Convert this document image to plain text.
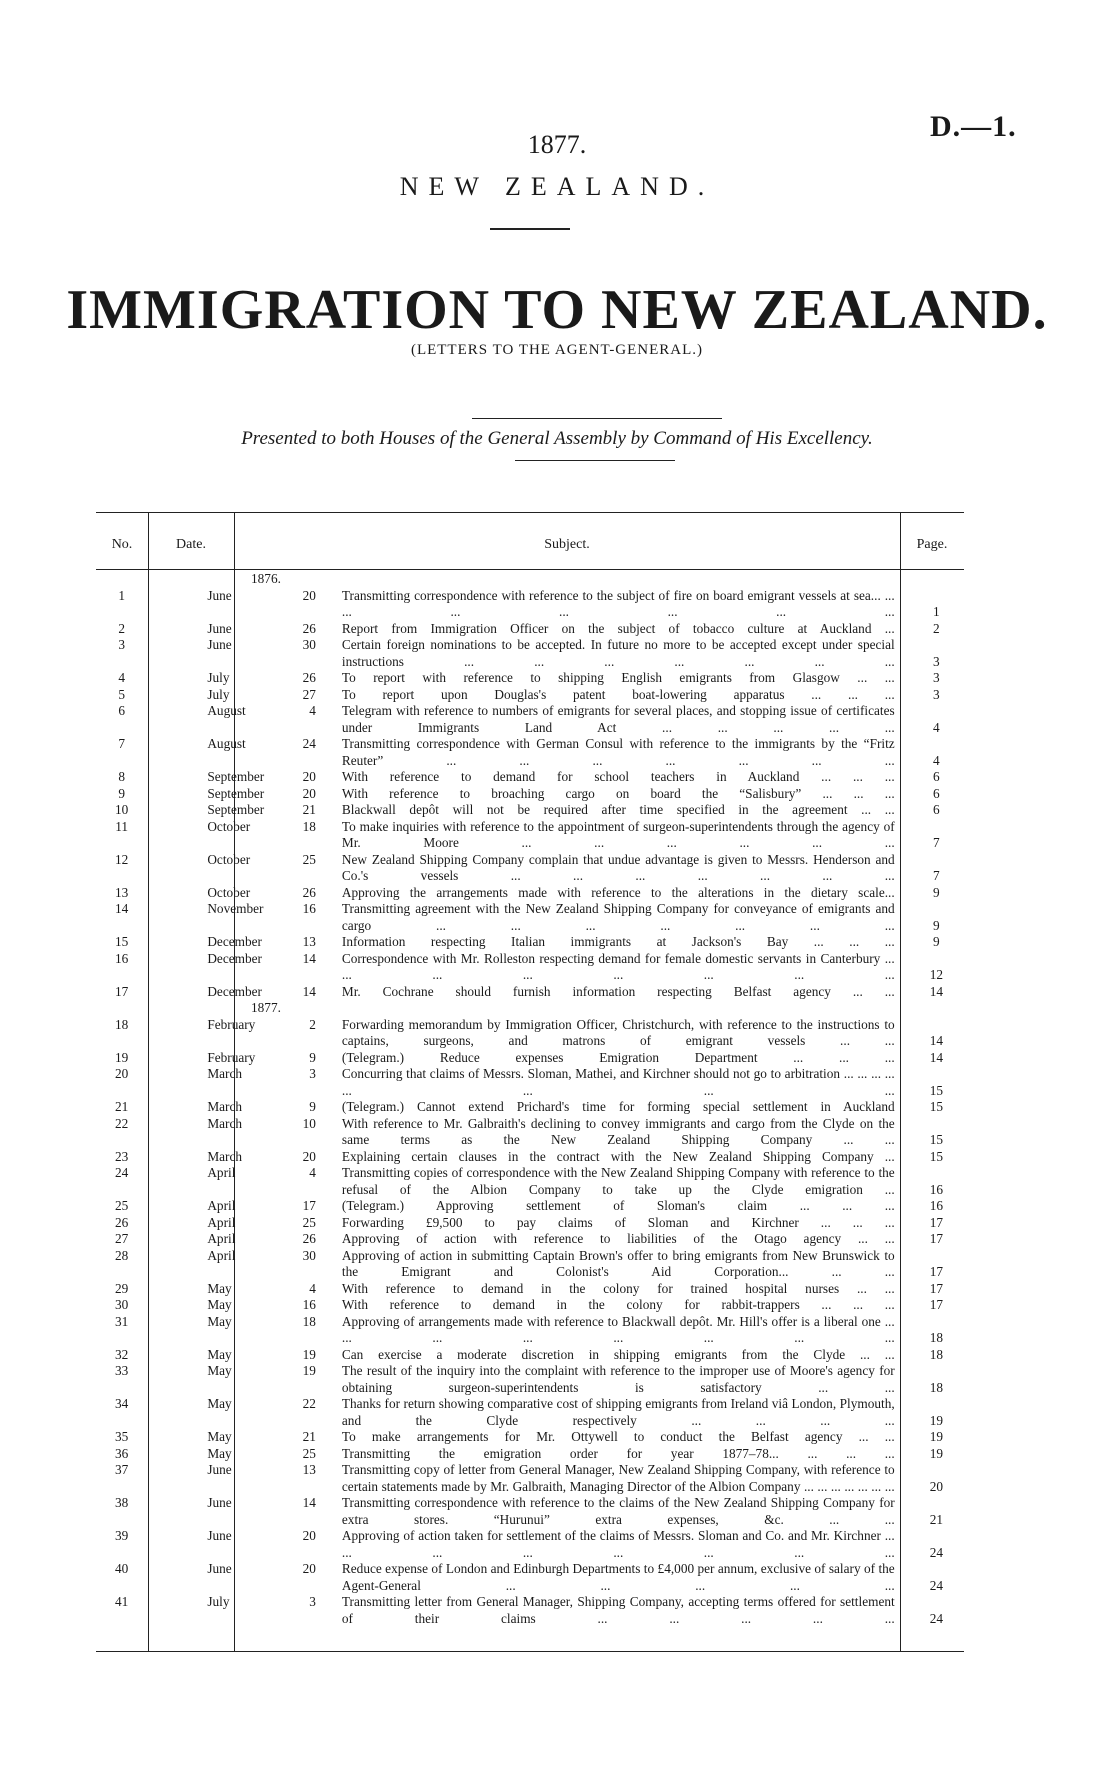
D.—1.
1877.
NEW ZEALAND.
IMMIGRATION TO NEW ZEALAND.
(LETTERS TO THE AGENT-GENERAL.)
Presented to both Houses of the General Assembly by Command of His Excellency.
No.	Date.	Subject.	Page.
1876.
1	June	20 Transmitting correspondence with reference to the subject of fire on board emigrant vessels at sea... ... ... ... ... ... ... ...	1
2	June	26 Report from Immigration Officer on the subject of tobacco culture at Auckland ...	2
3	June	30 Certain foreign nominations to be accepted. In future no more to be accepted except under special instructions ... ... ... ... ... ... ...	3
4	July	26 To report with reference to shipping English emigrants from Glasgow ... ...	3
5	July	27 To report upon Douglas's patent boat-lowering apparatus ... ... ...	3
6	August	4 Telegram with reference to numbers of emigrants for several places, and stopping issue of certificates under Immigrants Land Act ... ... ... ... ...	4
7	August	24 Transmitting correspondence with German Consul with reference to the immigrants by the “Fritz Reuter” ... ... ... ... ... ... ...	4
8	September	20 With reference to demand for school teachers in Auckland ... ... ...	6
9	September	20 With reference to broaching cargo on board the “Salisbury” ... ... ...	6
10	September	21 Blackwall depôt will not be required after time specified in the agreement ... ...	6
11	October	18 To make inquiries with reference to the appointment of surgeon-superintendents through the agency of Mr. Moore ... ... ... ... ... ...	7
12	October	25 New Zealand Shipping Company complain that undue advantage is given to Messrs. Henderson and Co.'s vessels ... ... ... ... ... ... ...	7
13	October	26 Approving the arrangements made with reference to the alterations in the dietary scale...	9
14	November	16 Transmitting agreement with the New Zealand Shipping Company for conveyance of emigrants and cargo ... ... ... ... ... ... ...	9
15	December	13 Information respecting Italian immigrants at Jackson's Bay ... ... ...	9
16	December	14 Correspondence with Mr. Rolleston respecting demand for female domestic servants in Canterbury ... ... ... ... ... ... ... ...	12
17	December	14 Mr. Cochrane should furnish information respecting Belfast agency ... ...	14
1877.
18	February	2 Forwarding memorandum by Immigration Officer, Christchurch, with reference to the instructions to captains, surgeons, and matrons of emigrant vessels ... ...	14
19	February	9 (Telegram.) Reduce expenses Emigration Department ... ... ...	14
20	March	3 Concurring that claims of Messrs. Sloman, Mathei, and Kirchner should not go to arbitration ... ... ... ... ... ... ... ...	15
21	March	9 (Telegram.) Cannot extend Prichard's time for forming special settlement in Auckland	15
22	March	10 With reference to Mr. Galbraith's declining to convey immigrants and cargo from the Clyde on the same terms as the New Zealand Shipping Company ... ...	15
23	March	20 Explaining certain clauses in the contract with the New Zealand Shipping Company ...	15
24	April	4 Transmitting copies of correspondence with the New Zealand Shipping Company with reference to the refusal of the Albion Company to take up the Clyde emigration ...	16
25	April	17 (Telegram.) Approving settlement of Sloman's claim ... ... ...	16
26	April	25 Forwarding £9,500 to pay claims of Sloman and Kirchner ... ... ...	17
27	April	26 Approving of action with reference to liabilities of the Otago agency ... ...	17
28	April	30 Approving of action in submitting Captain Brown's offer to bring emigrants from New Brunswick to the Emigrant and Colonist's Aid Corporation... ... ...	17
29	May	4 With reference to demand in the colony for trained hospital nurses ... ...	17
30	May	16 With reference to demand in the colony for rabbit-trappers ... ... ...	17
31	May	18 Approving of arrangements made with reference to Blackwall depôt. Mr. Hill's offer is a liberal one ... ... ... ... ... ... ... ...	18
32	May	19 Can exercise a moderate discretion in shipping emigrants from the Clyde ... ...	18
33	May	19 The result of the inquiry into the complaint with reference to the improper use of Moore's agency for obtaining surgeon-superintendents is satisfactory ... ...	18
34	May	22 Thanks for return showing comparative cost of shipping emigrants from Ireland viâ London, Plymouth, and the Clyde respectively ... ... ... ...	19
35	May	21 To make arrangements for Mr. Ottywell to conduct the Belfast agency ... ...	19
36	May	25 Transmitting the emigration order for year 1877–78... ... ... ...	19
37	June	13 Transmitting copy of letter from General Manager, New Zealand Shipping Company, with reference to certain statements made by Mr. Galbraith, Managing Director of the Albion Company ... ... ... ... ... ... ...	20
38	June	14 Transmitting correspondence with reference to the claims of the New Zealand Shipping Company for extra stores. “Hurunui” extra expenses, &c. ... ...	21
39	June	20 Approving of action taken for settlement of the claims of Messrs. Sloman and Co. and Mr. Kirchner ... ... ... ... ... ... ... ...	24
40	June	20 Reduce expense of London and Edinburgh Departments to £4,000 per annum, exclusive of salary of the Agent-General ... ... ... ... ...	24
41	July	3 Transmitting letter from General Manager, Shipping Company, accepting terms offered for settlement of their claims ... ... ... ... ...	24
